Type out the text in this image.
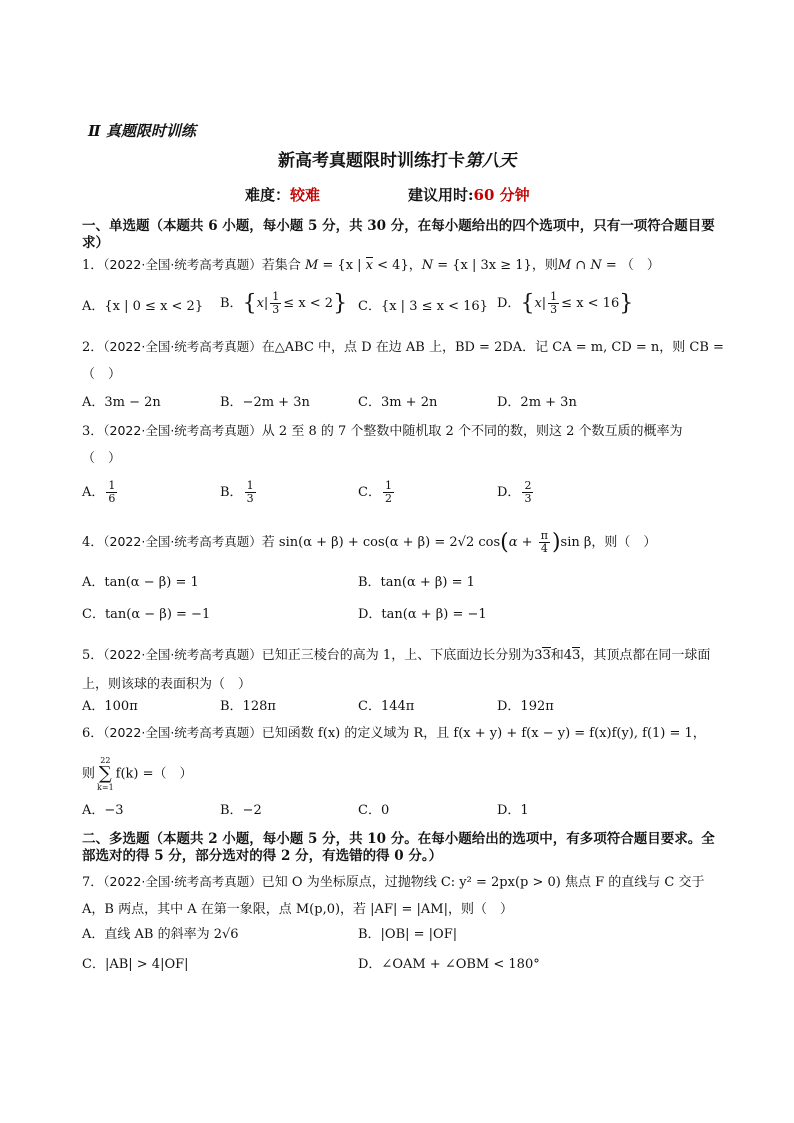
Ⅱ 真题限时训练
新高考真题限时训练打卡第八天
难度：较难	建议用时:60 分钟
一、单选题（本题共 6 小题，每小题 5 分，共 30 分，在每小题给出的四个选项中，只有一项符合题目要求）
1．（2022·全国·统考高考真题）若集合 M = {x | x < 4}，N = {x | 3x ≥ 1}，则M ∩ N = （　）
A．{x | 0 ≤ x < 2} B．$\{x| \frac{1}{3} \le x < 2\}$ C．{x | 3 ≤ x < 16} D．$\{x| \frac{1}{3} \le x < 16\}$
2．（2022·全国·统考高考真题）在△ABC 中，点 D 在边 AB 上，BD = 2DA．记 CA = m, CD = n，则 CB =
（　）
A．3m − 2n	B．−2m + 3n	C．3m + 2n	D．2m + 3n
3．（2022·全国·统考高考真题）从 2 至 8 的 7 个整数中随机取 2 个不同的数，则这 2 个数互质的概率为
（　）
A． $\frac{1}{6}$	B． $\frac{1}{3}$	C． $\frac{1}{2}$	D． $\frac{2}{3}$
4．（2022·全国·统考高考真题）若 sin(α + β) + cos(α + β) = 2√2 $\cos(\alpha + \frac{\pi}{4} )\sin$ β，则（　）
A．tan(α − β) = 1	B．tan(α + β) = 1
C．tan(α − β) = −1	D．tan(α + β) = −1
5．（2022·全国·统考高考真题）已知正三棱台的高为 1，上、下底面边长分别为33和43，其顶点都在同一球面上，则该球的表面积为（　）
A．100π	B．128π	C．144π	D．192π
6．（2022·全国·统考高考真题）已知函数 f(x) 的定义域为 R，且 f(x + y) + f(x − y) = f(x)f(y), f(1) = 1，
则
22
∑
k=1
f(k) =（　）
A．−3	B．−2	C．0	D．1
二、多选题（本题共 2 小题，每小题 5 分，共 10 分。在每小题给出的选项中，有多项符合题目要求。全部选对的得 5 分，部分选对的得 2 分，有选错的得 0 分。）
7．（2022·全国·统考高考真题）已知 O 为坐标原点，过抛物线 C: y² = 2px(p > 0) 焦点 F 的直线与 C 交于 A，B 两点，其中 A 在第一象限，点 M(p,0)，若 |AF| = |AM|，则（　）
A．直线 AB 的斜率为 2√6	B．|OB| = |OF|
C．|AB| > 4|OF|	D．∠OAM + ∠OBM < 180°
